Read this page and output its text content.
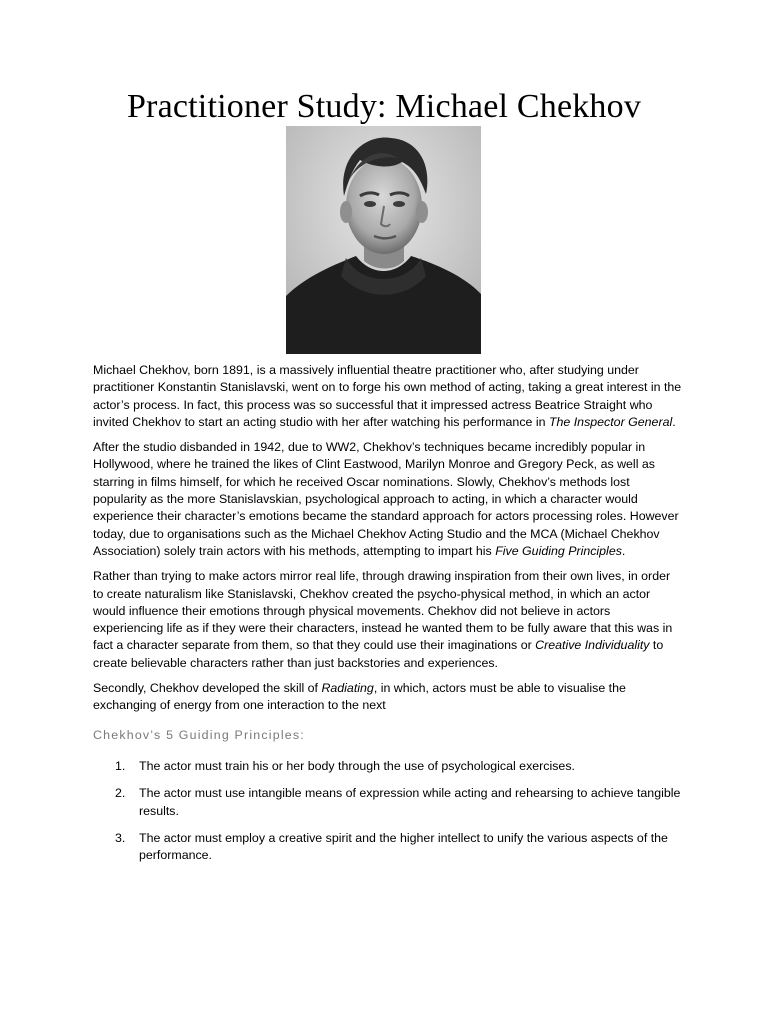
Practitioner Study: Michael Chekhov

Michael Chekhov, born 1891, is a massively influential theatre practitioner who, after studying under practitioner Konstantin Stanislavski, went on to forge his own method of acting, taking a great interest in the actor’s process. In fact, this process was so successful that it impressed actress Beatrice Straight who invited Chekhov to start an acting studio with her after watching his performance in The Inspector General.

After the studio disbanded in 1942, due to WW2, Chekhov’s techniques became incredibly popular in Hollywood, where he trained the likes of Clint Eastwood, Marilyn Monroe and Gregory Peck, as well as starring in films himself, for which he received Oscar nominations. Slowly, Chekhov’s methods lost popularity as the more Stanislavskian, psychological approach to acting, in which a character would experience their character’s emotions became the standard approach for actors processing roles. However today, due to organisations such as the Michael Chekhov Acting Studio and the MCA (Michael Chekhov Association) solely train actors with his methods, attempting to impart his Five Guiding Principles.

Rather than trying to make actors mirror real life, through drawing inspiration from their own lives, in order to create naturalism like Stanislavski, Chekhov created the psycho-physical method, in which an actor would influence their emotions through physical movements. Chekhov did not believe in actors experiencing life as if they were their characters, instead he wanted them to be fully aware that this was in fact a character separate from them, so that they could use their imaginations or Creative Individuality to create believable characters rather than just backstories and experiences.

Secondly, Chekhov developed the skill of Radiating, in which, actors must be able to visualise the exchanging of energy from one interaction to the next

Chekhov’s 5 Guiding Principles:
1. The actor must train his or her body through the use of psychological exercises.
2. The actor must use intangible means of expression while acting and rehearsing to achieve tangible results.
3. The actor must employ a creative spirit and the higher intellect to unify the various aspects of the performance.
